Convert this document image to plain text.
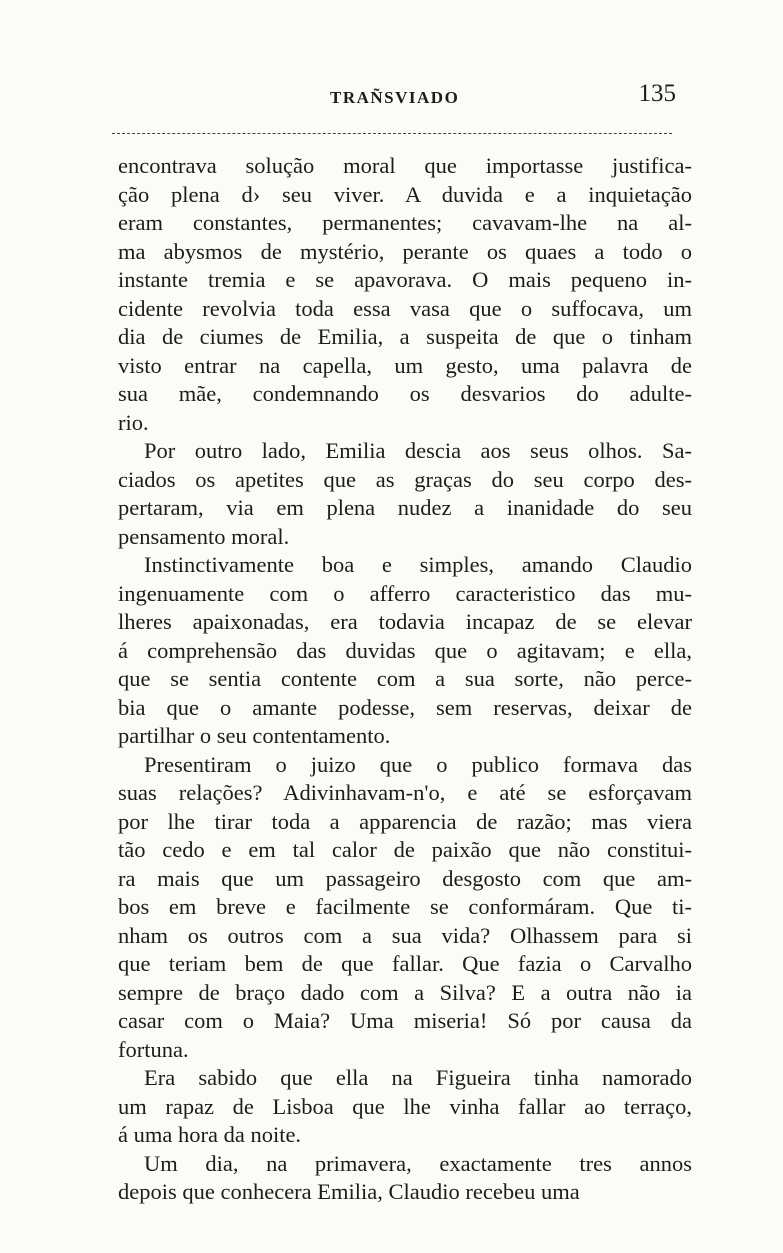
TRAÑSVIADO	135
encontrava solução moral que importasse justifica-
ção plena d› seu viver. A duvida e a inquietação
eram constantes, permanentes; cavavam-lhe na al-
ma abysmos de mystério, perante os quaes a todo o
instante tremia e se apavorava. O mais pequeno in-
cidente revolvia toda essa vasa que o suffocava, um
dia de ciumes de Emilia, a suspeita de que o tinham
visto entrar na capella, um gesto, uma palavra de
sua mãe, condemnando os desvarios do adulte-
rio.
Por outro lado, Emilia descia aos seus olhos. Sa-
ciados os apetites que as graças do seu corpo des-
pertaram, via em plena nudez a inanidade do seu
pensamento moral.
Instinctivamente boa e simples, amando Claudio
ingenuamente com o afferro caracteristico das mu-
lheres apaixonadas, era todavia incapaz de se elevar
á comprehensão das duvidas que o agitavam; e ella,
que se sentia contente com a sua sorte, não perce-
bia que o amante podesse, sem reservas, deixar de
partilhar o seu contentamento.
Presentiram o juizo que o publico formava das
suas relações? Adivinhavam-n'o, e até se esforçavam
por lhe tirar toda a apparencia de razão; mas viera
tão cedo e em tal calor de paixão que não constitui-
ra mais que um passageiro desgosto com que am-
bos em breve e facilmente se conformáram. Que ti-
nham os outros com a sua vida? Olhassem para si
que teriam bem de que fallar. Que fazia o Carvalho
sempre de braço dado com a Silva? E a outra não ia
casar com o Maia? Uma miseria! Só por causa da
fortuna.
Era sabido que ella na Figueira tinha namorado
um rapaz de Lisboa que lhe vinha fallar ao terraço,
á uma hora da noite.
Um dia, na primavera, exactamente tres annos
depois que conhecera Emilia, Claudio recebeu uma
